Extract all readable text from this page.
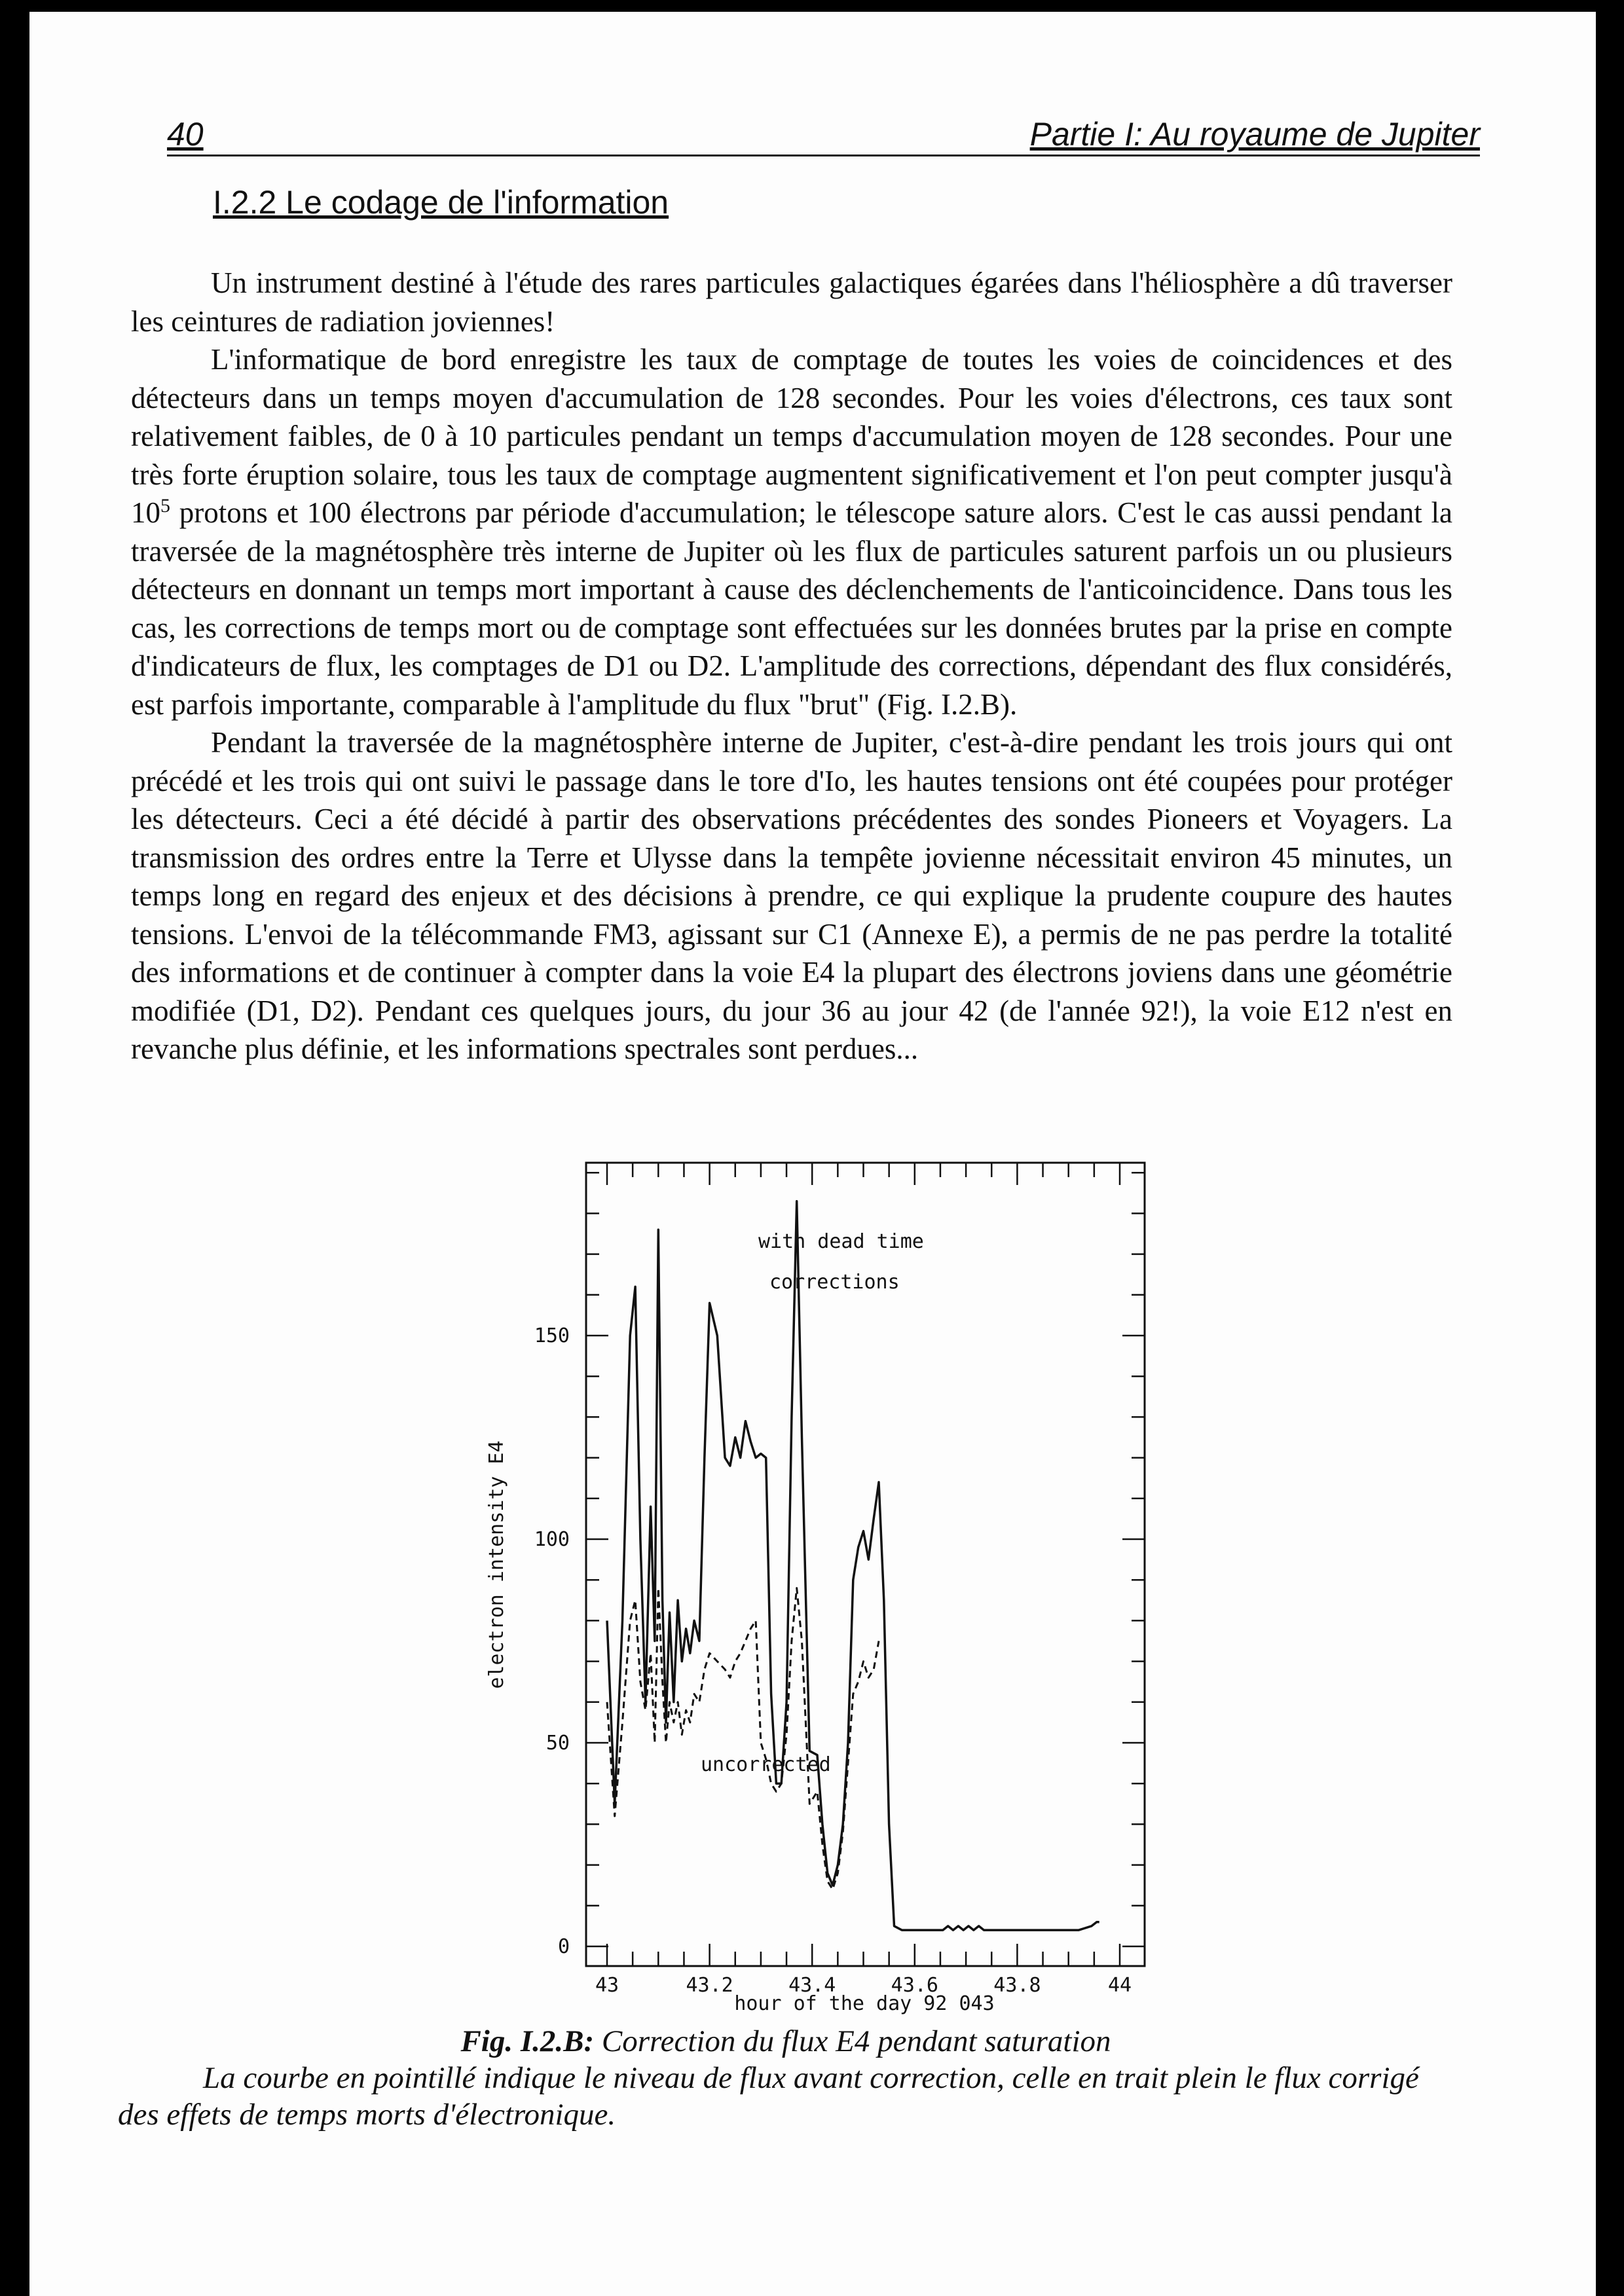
40	Partie I: Au royaume de Jupiter
I.2.2 Le codage de l'information

Un instrument destiné à l'étude des rares particules galactiques égarées dans l'héliosphère a dû traverser les ceintures de radiation joviennes!

L'informatique de bord enregistre les taux de comptage de toutes les voies de coincidences et des détecteurs dans un temps moyen d'accumulation de 128 secondes. Pour les voies d'électrons, ces taux sont relativement faibles, de 0 à 10 particules pendant un temps d'accumulation moyen de 128 secondes. Pour une très forte éruption solaire, tous les taux de comptage augmentent significativement et l'on peut compter jusqu'à $10^5$ protons et 100 électrons par période d'accumulation; le télescope sature alors. C'est le cas aussi pendant la traversée de la magnétosphère très interne de Jupiter où les flux de particules saturent parfois un ou plusieurs détecteurs en donnant un temps mort important à cause des déclenchements de l'anticoincidence. Dans tous les cas, les corrections de temps mort ou de comptage sont effectuées sur les données brutes par la prise en compte d'indicateurs de flux, les comptages de D1 ou D2. L'amplitude des corrections, dépendant des flux considérés, est parfois importante, comparable à l'amplitude du flux "brut" (Fig. I.2.B).

Pendant la traversée de la magnétosphère interne de Jupiter, c'est-à-dire pendant les trois jours qui ont précédé et les trois qui ont suivi le passage dans le tore d'Io, les hautes tensions ont été coupées pour protéger les détecteurs. Ceci a été décidé à partir des observations précédentes des sondes Pioneers et Voyagers. La transmission des ordres entre la Terre et Ulysse dans la tempête jovienne nécessitait environ 45 minutes, un temps long en regard des enjeux et des décisions à prendre, ce qui explique la prudente coupure des hautes tensions. L'envoi de la télécommande FM3, agissant sur C1 (Annexe E), a permis de ne pas perdre la totalité des informations et de continuer à compter dans la voie E4 la plupart des électrons joviens dans une géométrie modifiée (D1, D2). Pendant ces quelques jours, du jour 36 au jour 42 (de l'année 92!), la voie E12 n'est en revanche plus définie, et les informations spectrales sont perdues...

43	43.2	43.4	43.6	43.8	44
0
50
100
150
with dead time
corrections
uncorrected
hour of the day 92 043
electron intensity E4
Fig. I.2.B: Correction du flux E4 pendant saturation
La courbe en pointillé indique le niveau de flux avant correction, celle en trait plein le flux corrigé des effets de temps morts d'électronique.
